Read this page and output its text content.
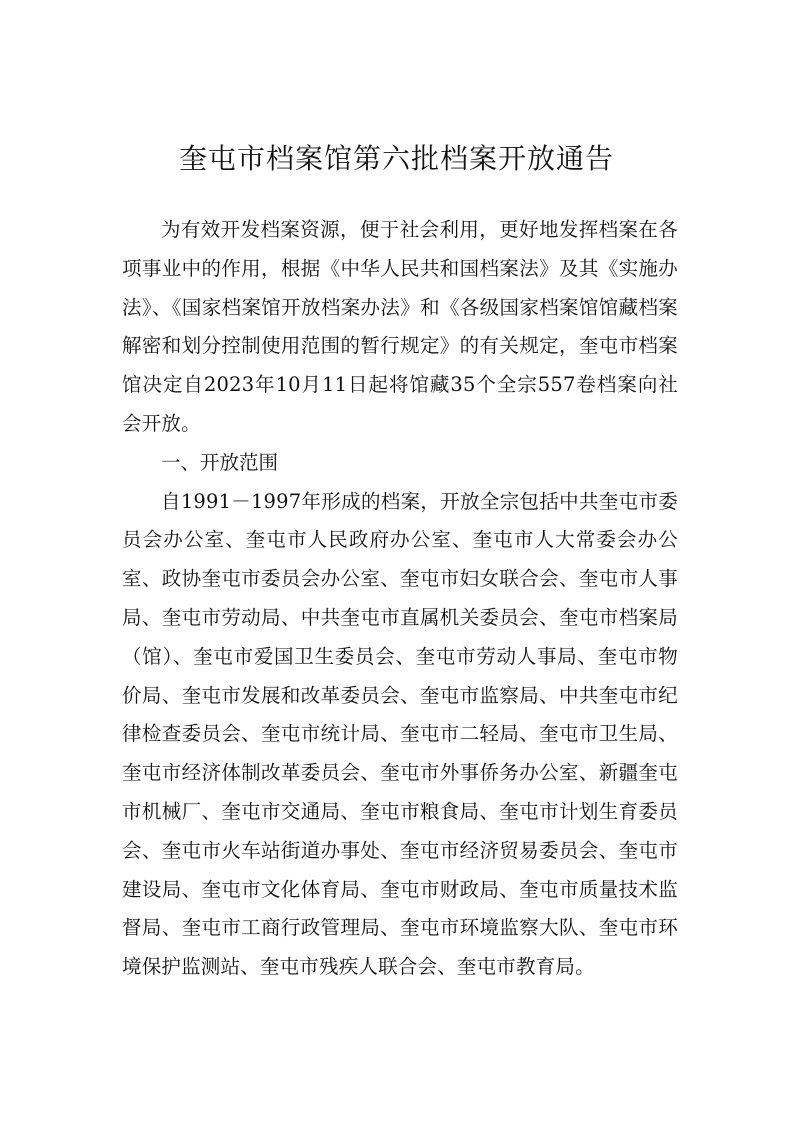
奎屯市档案馆第六批档案开放通告

为有效开发档案资源，便于社会利用，更好地发挥档案在各项事业中的作用，根据《中华人民共和国档案法》及其《实施办法》、《国家档案馆开放档案办法》和《各级国家档案馆馆藏档案解密和划分控制使用范围的暂行规定》的有关规定，奎屯市档案馆决定自2023年10月11日起将馆藏35个全宗557卷档案向社会开放。

一、开放范围

自1991－1997年形成的档案，开放全宗包括中共奎屯市委员会办公室、奎屯市人民政府办公室、奎屯市人大常委会办公室、政协奎屯市委员会办公室、奎屯市妇女联合会、奎屯市人事局、奎屯市劳动局、中共奎屯市直属机关委员会、奎屯市档案局（馆）、奎屯市爱国卫生委员会、奎屯市劳动人事局、奎屯市物价局、奎屯市发展和改革委员会、奎屯市监察局、中共奎屯市纪律检查委员会、奎屯市统计局、奎屯市二轻局、奎屯市卫生局、奎屯市经济体制改革委员会、奎屯市外事侨务办公室、新疆奎屯市机械厂、奎屯市交通局、奎屯市粮食局、奎屯市计划生育委员会、奎屯市火车站街道办事处、奎屯市经济贸易委员会、奎屯市建设局、奎屯市文化体育局、奎屯市财政局、奎屯市质量技术监督局、奎屯市工商行政管理局、奎屯市环境监察大队、奎屯市环境保护监测站、奎屯市残疾人联合会、奎屯市教育局。
